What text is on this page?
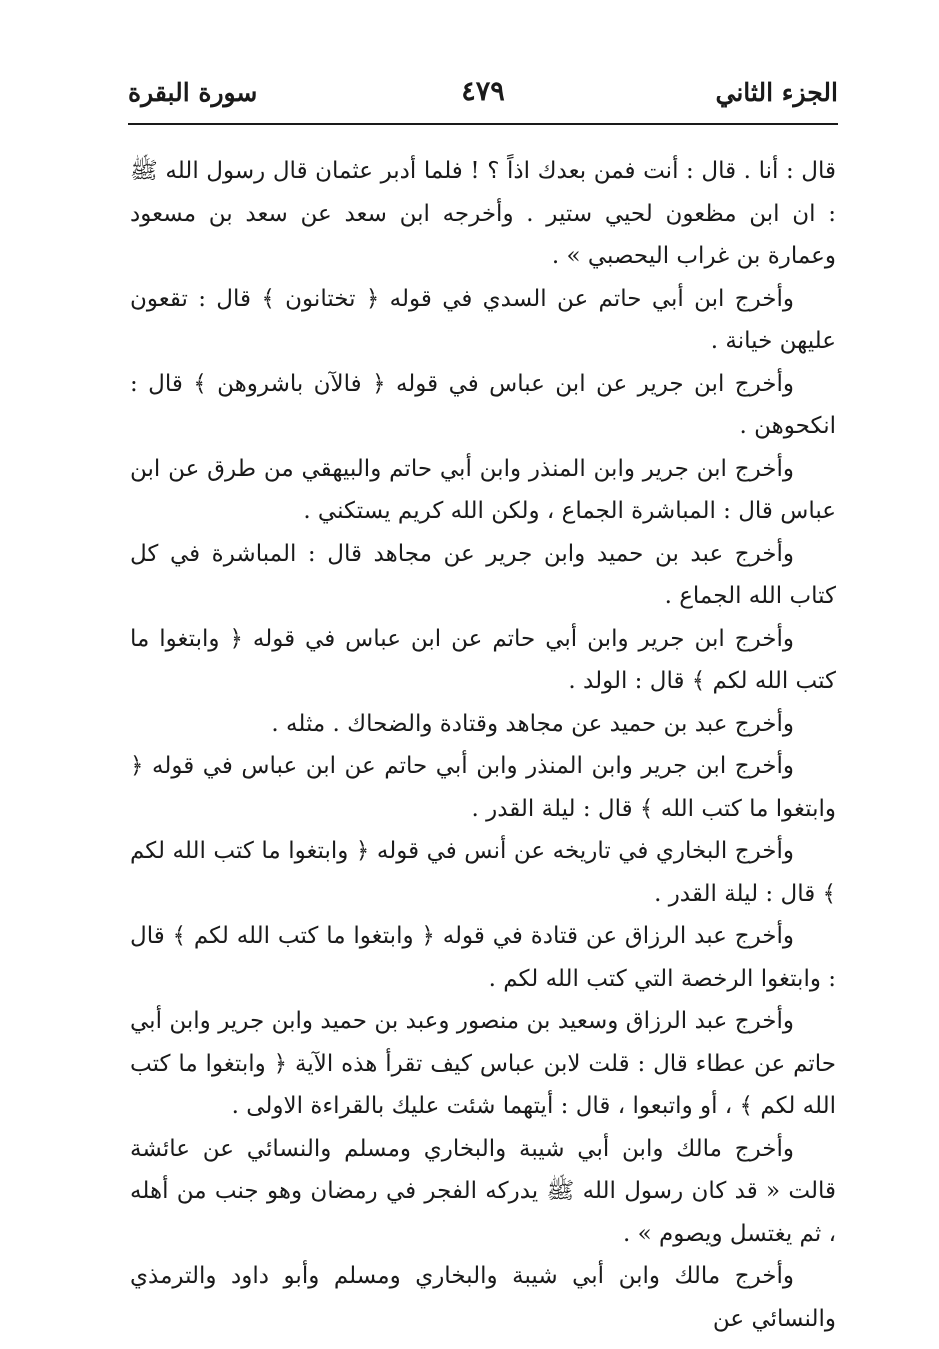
الجزء الثاني
٤٧٩
سورة البقرة

قال : أنا . قال : أنت فمن بعدك اذاً ؟ ! فلما أدبر عثمان قال رسول الله ﷺ : ان ابن مظعون لحيي ستير . وأخرجه ابن سعد عن سعد بن مسعود وعمارة بن غراب اليحصبي » .

وأخرج ابن أبي حاتم عن السدي في قوله ﴿ تختانون ﴾ قال : تقعون عليهن خيانة .

وأخرج ابن جرير عن ابن عباس في قوله ﴿ فالآن باشروهن ﴾ قال : انكحوهن .

وأخرج ابن جرير وابن المنذر وابن أبي حاتم والبيهقي من طرق عن ابن عباس قال : المباشرة الجماع ، ولكن الله كريم يستكني .

وأخرج عبد بن حميد وابن جرير عن مجاهد قال : المباشرة في كل كتاب الله الجماع .

وأخرج ابن جرير وابن أبي حاتم عن ابن عباس في قوله ﴿ وابتغوا ما كتب الله لكم ﴾ قال : الولد .

وأخرج عبد بن حميد عن مجاهد وقتادة والضحاك . مثله .

وأخرج ابن جرير وابن المنذر وابن أبي حاتم عن ابن عباس في قوله ﴿ وابتغوا ما كتب الله ﴾ قال : ليلة القدر .

وأخرج البخاري في تاريخه عن أنس في قوله ﴿ وابتغوا ما كتب الله لكم ﴾ قال : ليلة القدر .

وأخرج عبد الرزاق عن قتادة في قوله ﴿ وابتغوا ما كتب الله لكم ﴾ قال : وابتغوا الرخصة التي كتب الله لكم .

وأخرج عبد الرزاق وسعيد بن منصور وعبد بن حميد وابن جرير وابن أبي حاتم عن عطاء قال : قلت لابن عباس كيف تقرأ هذه الآية ﴿ وابتغوا ما كتب الله لكم ﴾ ، أو واتبعوا ، قال : أيتهما شئت عليك بالقراءة الاولى .

وأخرج مالك وابن أبي شيبة والبخاري ومسلم والنسائي عن عائشة قالت « قد كان رسول الله ﷺ يدركه الفجر في رمضان وهو جنب من أهله ، ثم يغتسل ويصوم » .

وأخرج مالك وابن أبي شيبة والبخاري ومسلم وأبو داود والترمذي والنسائي عن
